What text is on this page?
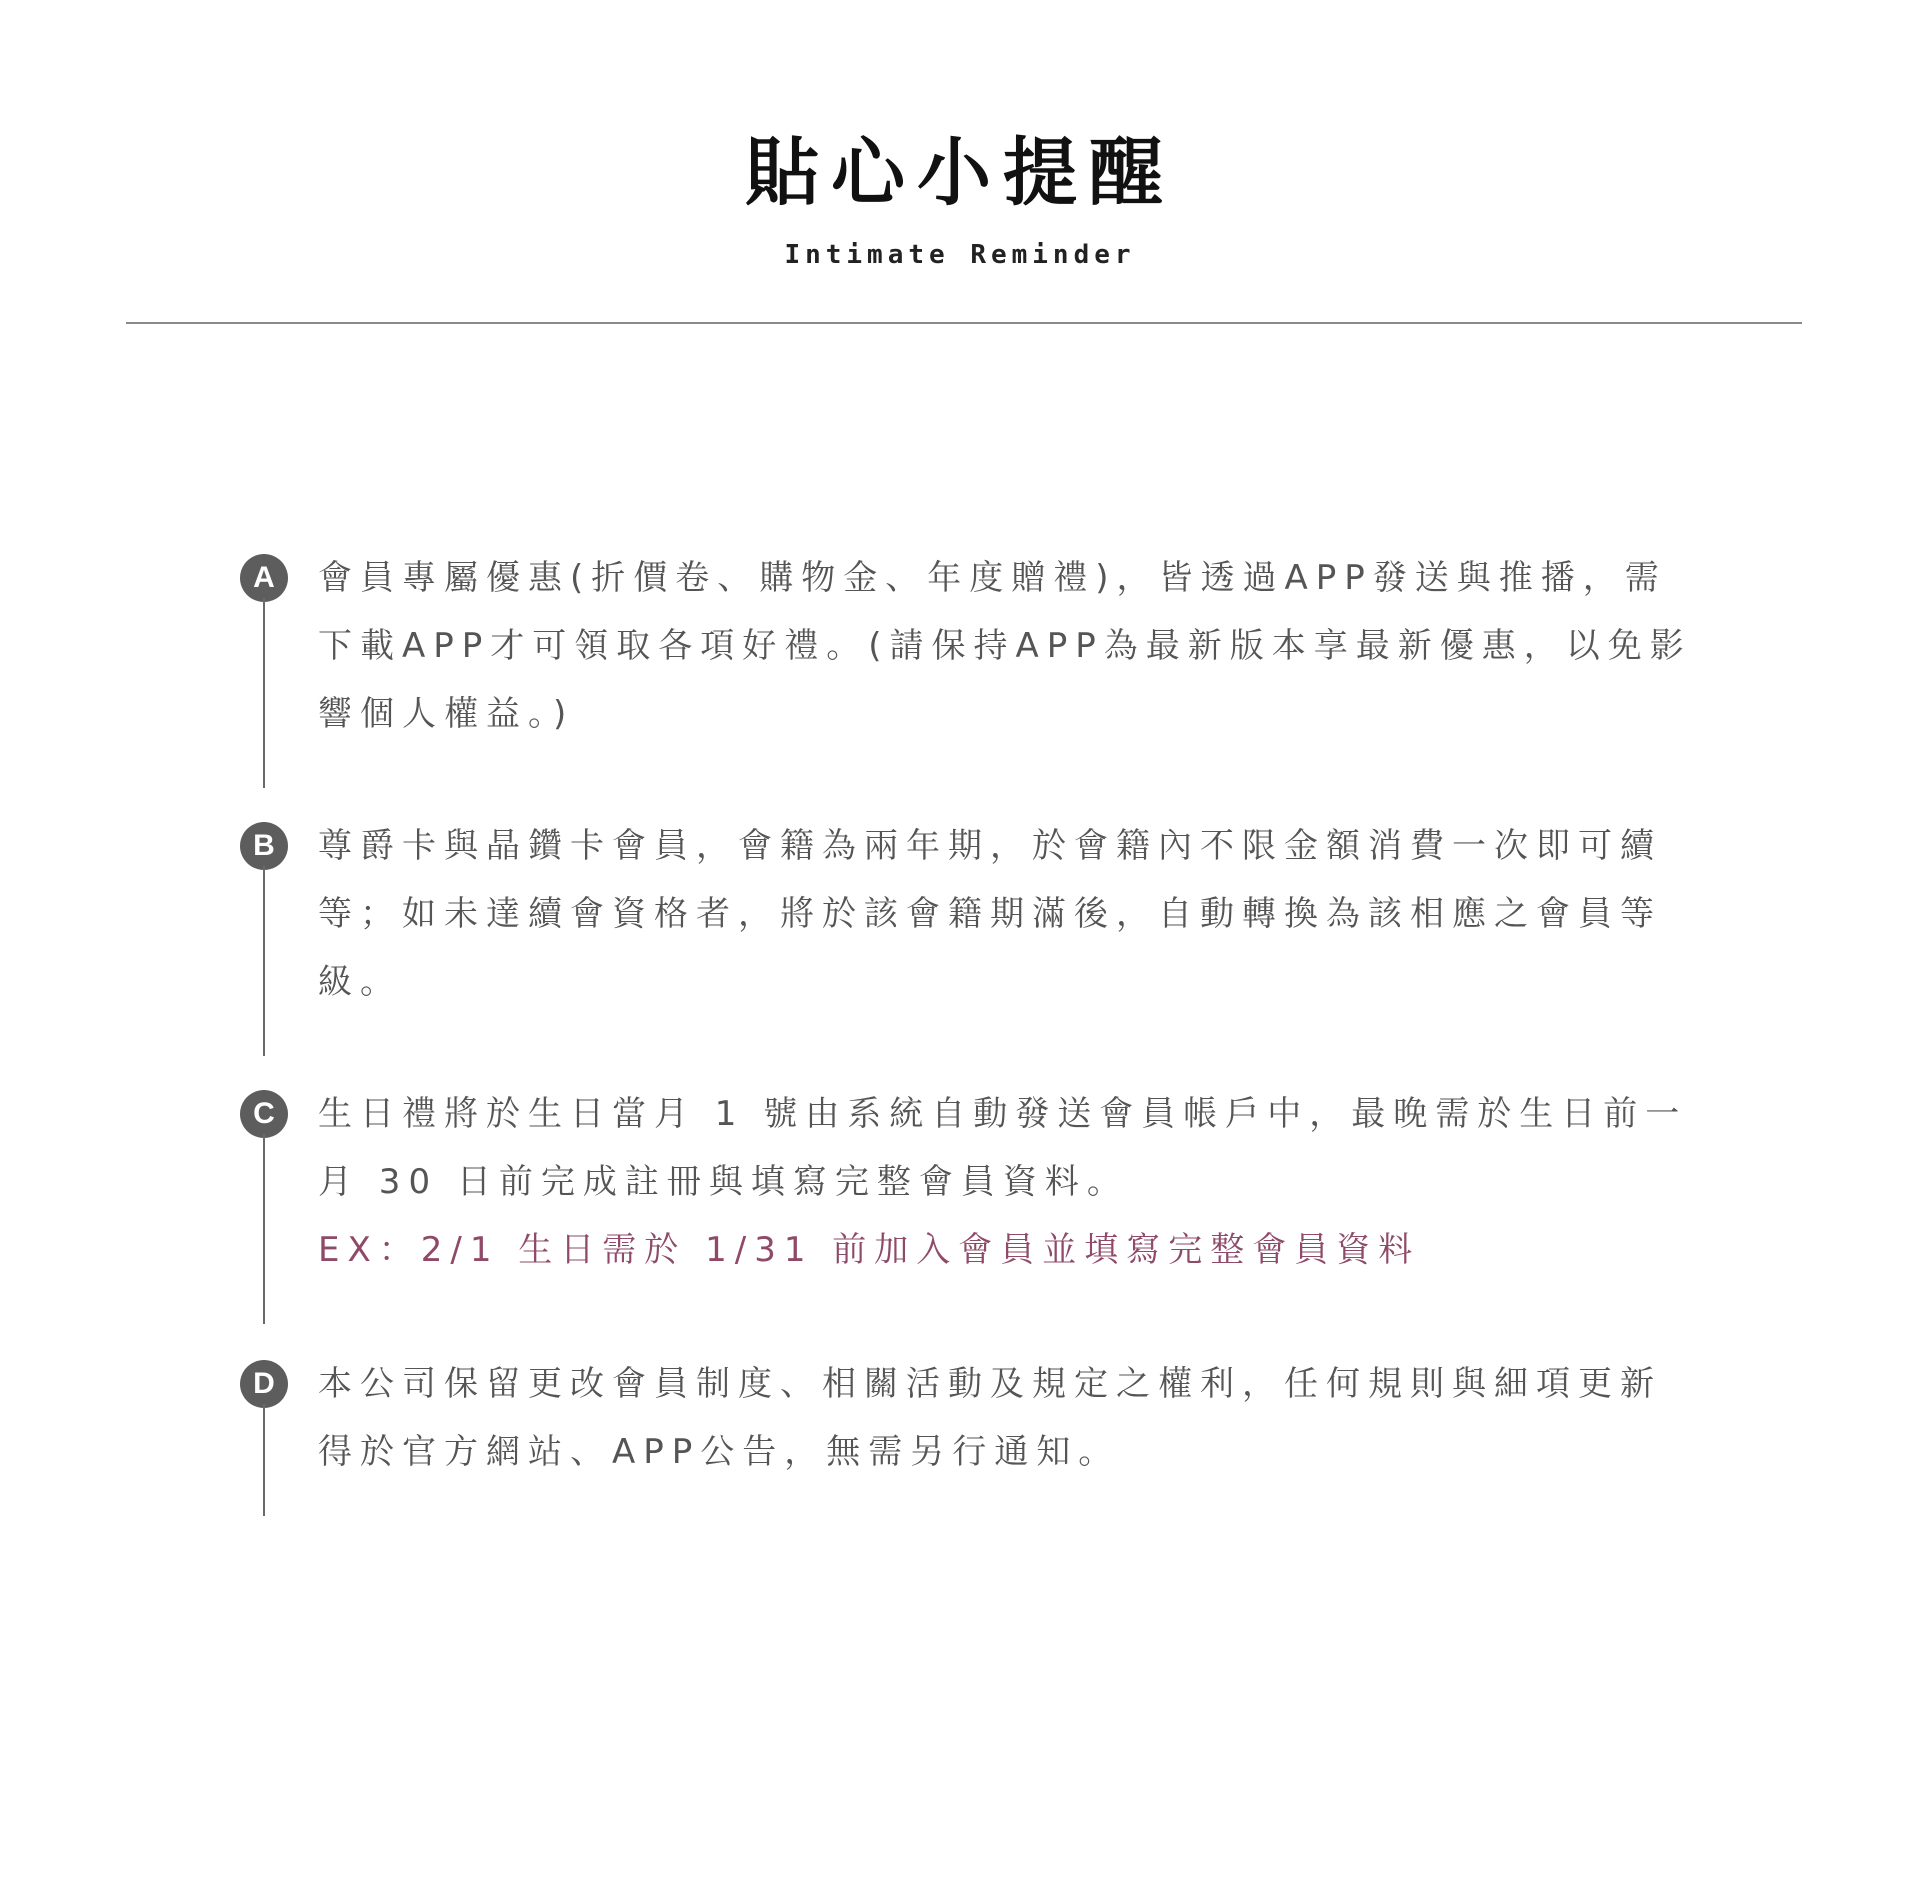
貼心小提醒
Intimate Reminder
A	會員專屬優惠(折價卷、購物金、年度贈禮)，皆透過APP發送與推播，需下載APP才可領取各項好禮。(請保持APP為最新版本享最新優惠，以免影響個人權益。)

B	尊爵卡與晶鑽卡會員，會籍為兩年期，於會籍內不限金額消費一次即可續等；如未達續會資格者，將於該會籍期滿後，自動轉換為該相應之會員等級。

C	生日禮將於生日當月 1 號由系統自動發送會員帳戶中，最晚需於生日前一月 30 日前完成註冊與填寫完整會員資料。

EX：2/1 生日需於 1/31 前加入會員並填寫完整會員資料

D	本公司保留更改會員制度、相關活動及規定之權利，任何規則與細項更新得於官方網站、APP公告，無需另行通知。
